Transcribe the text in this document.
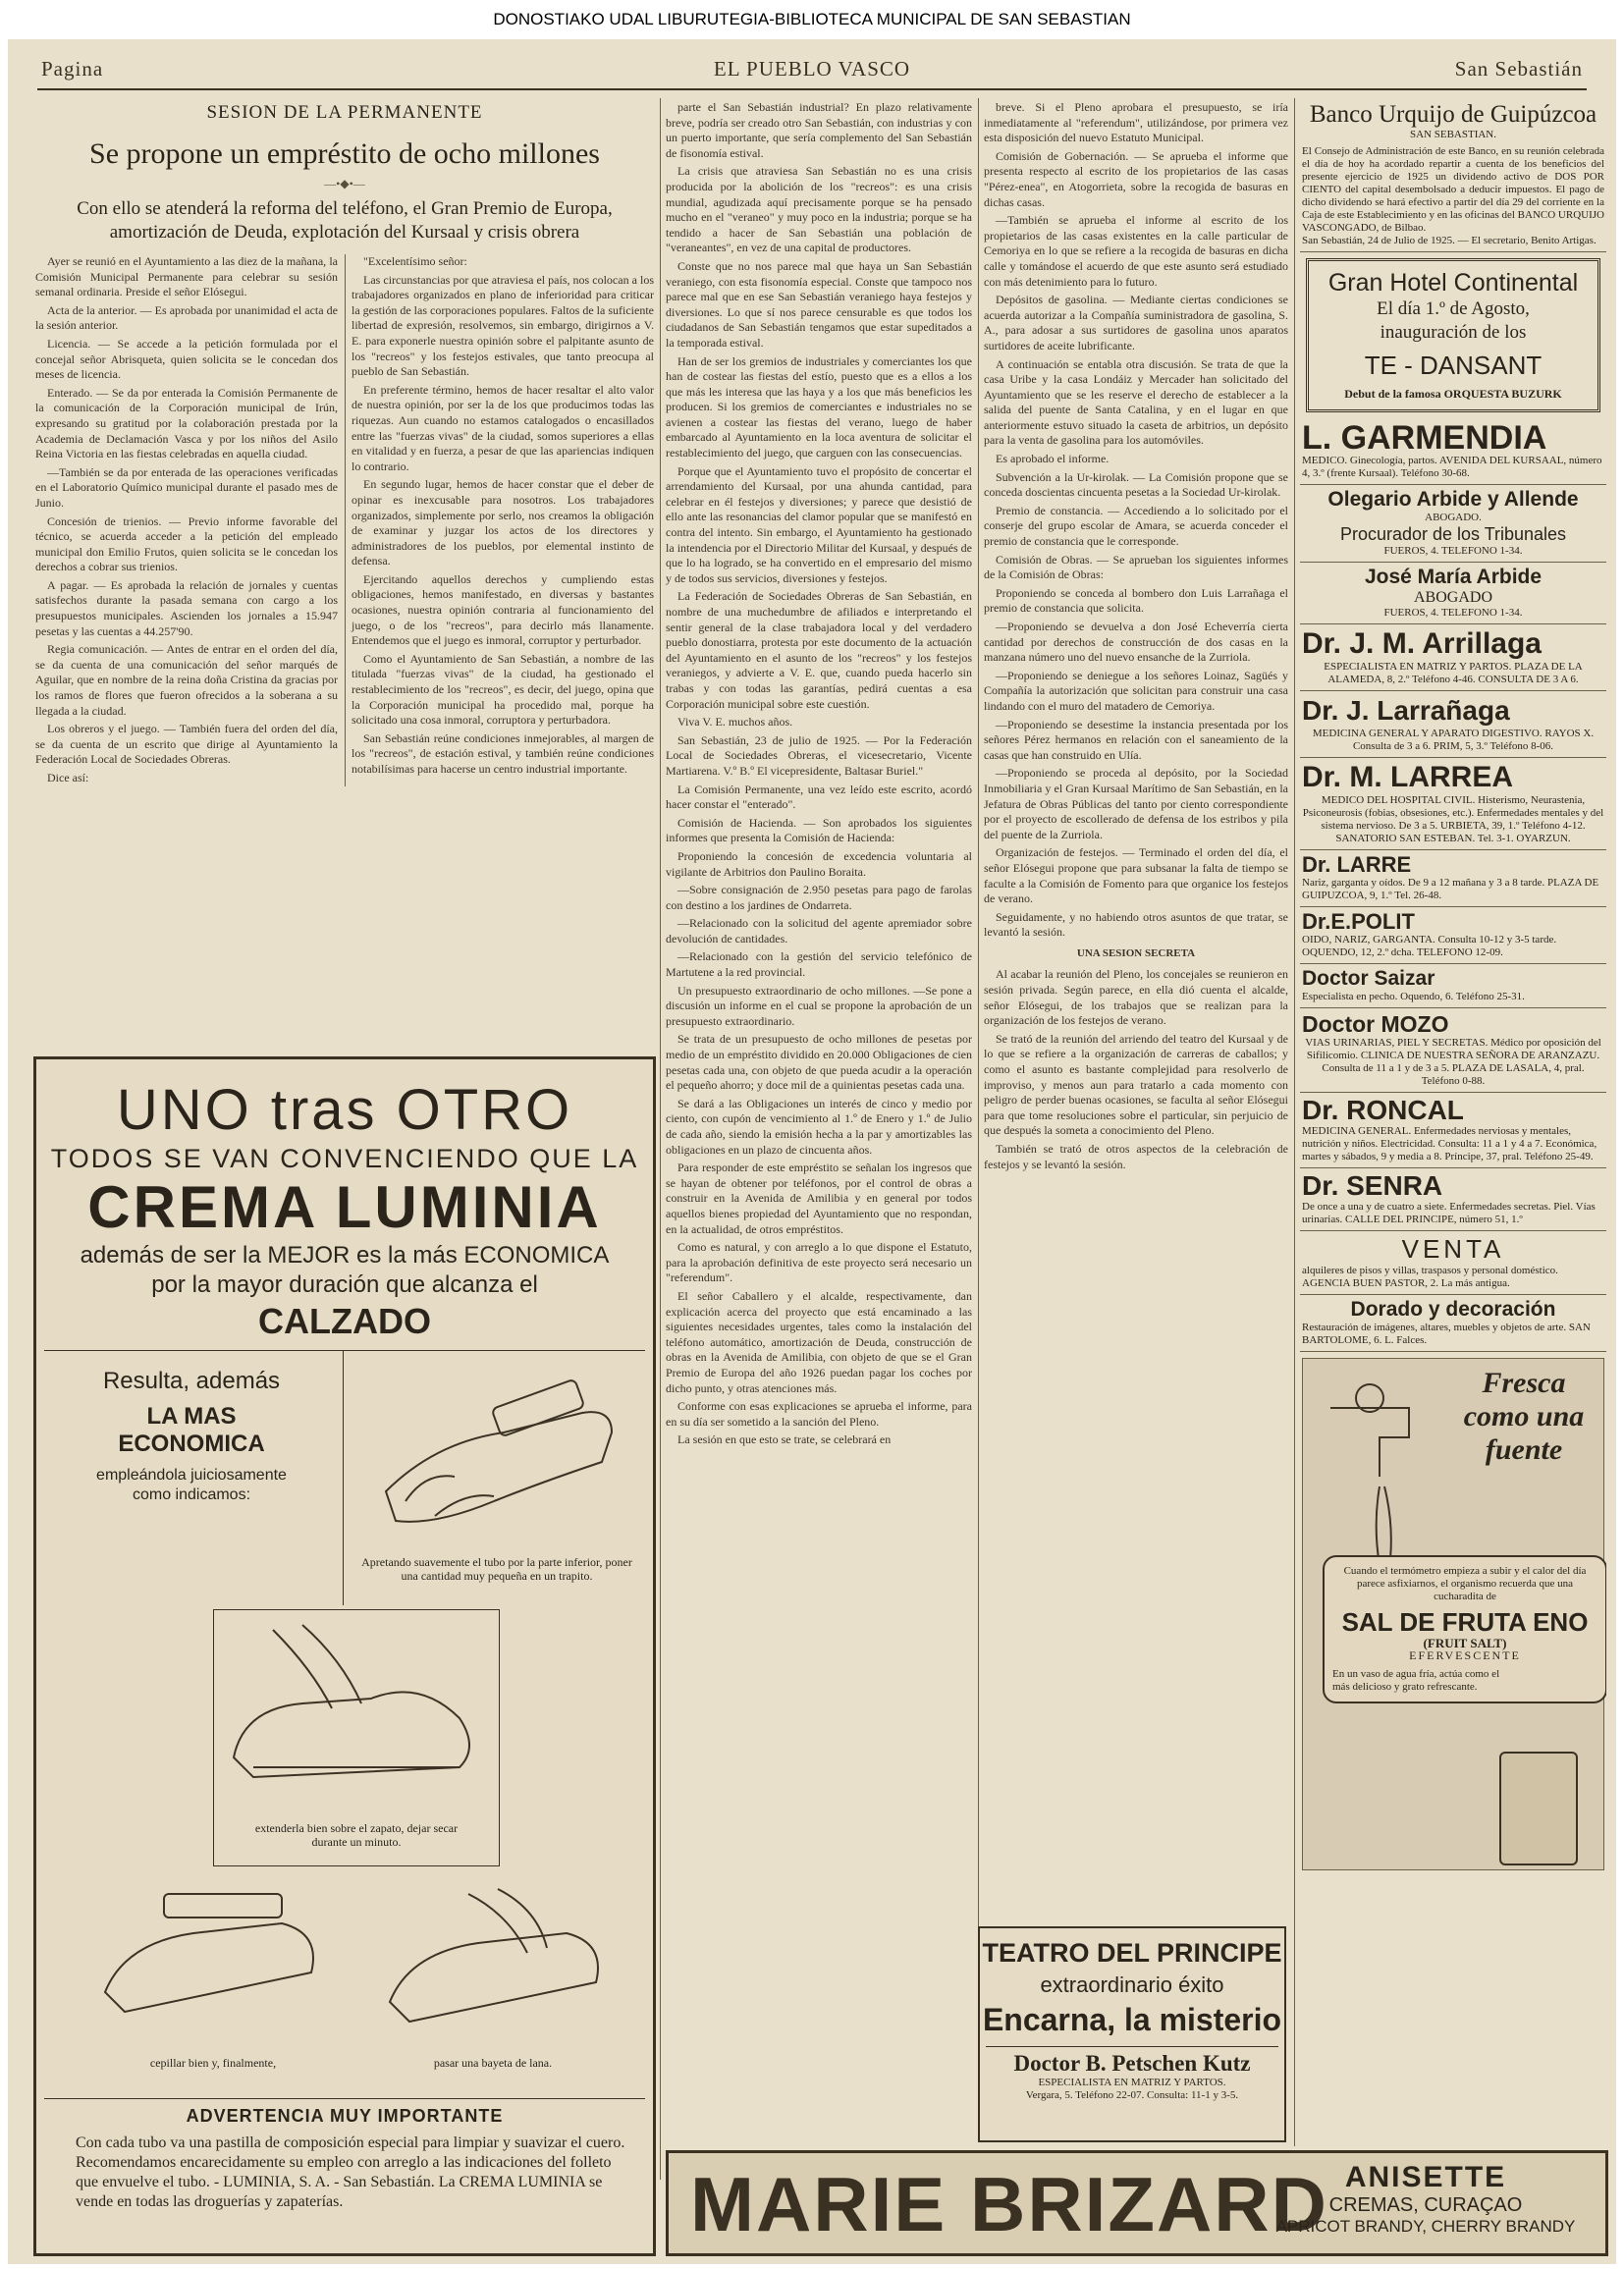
DONOSTIAKO UDAL LIBURUTEGIA-BIBLIOTECA MUNICIPAL DE SAN SEBASTIAN
Pagina	EL PUEBLO VASCO	San Sebastián
SESION DE LA PERMANENTE
Se propone un empréstito de ocho millones
—•◆•—
Con ello se atenderá la reforma del teléfono, el Gran Premio de Europa, amortización de Deuda, explotación del Kursaal y crisis obrera

Ayer se reunió en el Ayuntamiento a las diez de la mañana, la Comisión Municipal Permanente para celebrar su sesión semanal ordinaria. Preside el señor Elósegui.

Acta de la anterior. — Es aprobada por unanimidad el acta de la sesión anterior.

Licencia. — Se accede a la petición formulada por el concejal señor Abrisqueta, quien solicita se le concedan dos meses de licencia.

Enterado. — Se da por enterada la Comisión Permanente de la comunicación de la Corporación municipal de Irún, expresando su gratitud por la colaboración prestada por la Academia de Declamación Vasca y por los niños del Asilo Reina Victoria en las fiestas celebradas en aquella ciudad.

—También se da por enterada de las operaciones verificadas en el Laboratorio Químico municipal durante el pasado mes de Junio.

Concesión de trienios. — Previo informe favorable del técnico, se acuerda acceder a la petición del empleado municipal don Emilio Frutos, quien solicita se le concedan los derechos a cobrar sus trienios.

A pagar. — Es aprobada la relación de jornales y cuentas satisfechos durante la pasada semana con cargo a los presupuestos municipales. Ascienden los jornales a 15.947 pesetas y las cuentas a 44.257'90.

Regia comunicación. — Antes de entrar en el orden del día, se da cuenta de una comunicación del señor marqués de Aguilar, que en nombre de la reina doña Cristina da gracias por los ramos de flores que fueron ofrecidos a la soberana a su llegada a la ciudad.

Los obreros y el juego. — También fuera del orden del día, se da cuenta de un escrito que dirige al Ayuntamiento la Federación Local de Sociedades Obreras.

Dice así:

"Excelentísimo señor:

Las circunstancias por que atraviesa el país, nos colocan a los trabajadores organizados en plano de inferioridad para criticar la gestión de las corporaciones populares. Faltos de la suficiente libertad de expresión, resolvemos, sin embargo, dirigirnos a V. E. para exponerle nuestra opinión sobre el palpitante asunto de los "recreos" y los festejos estivales, que tanto preocupa al pueblo de San Sebastián.

En preferente término, hemos de hacer resaltar el alto valor de nuestra opinión, por ser la de los que producimos todas las riquezas. Aun cuando no estamos catalogados o encasillados entre las "fuerzas vivas" de la ciudad, somos superiores a ellas en vitalidad y en fuerza, a pesar de que las apariencias indiquen lo contrario.

En segundo lugar, hemos de hacer constar que el deber de opinar es inexcusable para nosotros. Los trabajadores organizados, simplemente por serlo, nos creamos la obligación de examinar y juzgar los actos de los directores y administradores de los pueblos, por elemental instinto de defensa.

Ejercitando aquellos derechos y cumpliendo estas obligaciones, hemos manifestado, en diversas y bastantes ocasiones, nuestra opinión contraria al funcionamiento del juego, o de los "recreos", para decirlo más llanamente. Entendemos que el juego es inmoral, corruptor y perturbador.

Como el Ayuntamiento de San Sebastián, a nombre de las titulada "fuerzas vivas" de la ciudad, ha gestionado el restablecimiento de los "recreos", es decir, del juego, opina que la Corporación municipal ha procedido mal, porque ha solicitado una cosa inmoral, corruptora y perturbadora.

San Sebastián reúne condiciones inmejorables, al margen de los "recreos", de estación estival, y también reúne condiciones notabilísimas para hacerse un centro industrial importante.

parte el San Sebastián industrial? En plazo relativamente breve, podría ser creado otro San Sebastián, con industrias y con un puerto importante, que sería complemento del San Sebastián de fisonomía estival.

La crisis que atraviesa San Sebastián no es una crisis producida por la abolición de los "recreos": es una crisis mundial, agudizada aquí precisamente porque se ha pensado mucho en el "veraneo" y muy poco en la industria; porque se ha tendido a hacer de San Sebastián una población de "veraneantes", en vez de una capital de productores.

Conste que no nos parece mal que haya un San Sebastián veraniego, con esta fisonomía especial. Conste que tampoco nos parece mal que en ese San Sebastián veraniego haya festejos y diversiones. Lo que sí nos parece censurable es que todos los ciudadanos de San Sebastián tengamos que estar supeditados a la temporada estival.

Han de ser los gremios de industriales y comerciantes los que han de costear las fiestas del estío, puesto que es a ellos a los que más les interesa que las haya y a los que más beneficios les producen. Si los gremios de comerciantes e industriales no se avienen a costear las fiestas del verano, luego de haber embarcado al Ayuntamiento en la loca aventura de solicitar el restablecimiento del juego, que carguen con las consecuencias.

Porque que el Ayuntamiento tuvo el propósito de concertar el arrendamiento del Kursaal, por una ahunda cantidad, para celebrar en él festejos y diversiones; y parece que desistió de ello ante las resonancias del clamor popular que se manifestó en contra del intento. Sin embargo, el Ayuntamiento ha gestionado la intendencia por el Directorio Militar del Kursaal, y después de que lo ha logrado, se ha convertido en el empresario del mismo y de todos sus servicios, diversiones y festejos.

La Federación de Sociedades Obreras de San Sebastián, en nombre de una muchedumbre de afiliados e interpretando el sentir general de la clase trabajadora local y del verdadero pueblo donostiarra, protesta por este documento de la actuación del Ayuntamiento en el asunto de los "recreos" y los festejos veraniegos, y advierte a V. E. que, cuando pueda hacerlo sin trabas y con todas las garantías, pedirá cuentas a esa Corporación municipal sobre este cuestión.

Viva V. E. muchos años.

San Sebastián, 23 de julio de 1925. — Por la Federación Local de Sociedades Obreras, el vicesecretario, Vicente Martiarena. V.º B.º El vicepresidente, Baltasar Buriel."

La Comisión Permanente, una vez leído este escrito, acordó hacer constar el "enterado".

Comisión de Hacienda. — Son aprobados los siguientes informes que presenta la Comisión de Hacienda:

Proponiendo la concesión de excedencia voluntaria al vigilante de Arbitrios don Paulino Boraita.

—Sobre consignación de 2.950 pesetas para pago de farolas con destino a los jardines de Ondarreta.

—Relacionado con la solicitud del agente apremiador sobre devolución de cantidades.

—Relacionado con la gestión del servicio telefónico de Martutene a la red provincial.

Un presupuesto extraordinario de ocho millones. —Se pone a discusión un informe en el cual se propone la aprobación de un presupuesto extraordinario.

Se trata de un presupuesto de ocho millones de pesetas por medio de un empréstito dividido en 20.000 Obligaciones de cien pesetas cada una, con objeto de que pueda acudir a la operación el pequeño ahorro; y doce mil de a quinientas pesetas cada una.

Se dará a las Obligaciones un interés de cinco y medio por ciento, con cupón de vencimiento al 1.º de Enero y 1.º de Julio de cada año, siendo la emisión hecha a la par y amortizables las obligaciones en un plazo de cincuenta años.

Para responder de este empréstito se señalan los ingresos que se hayan de obtener por teléfonos, por el control de obras a construir en la Avenida de Amilibia y en general por todos aquellos bienes propiedad del Ayuntamiento que no respondan, en la actualidad, de otros empréstitos.

Como es natural, y con arreglo a lo que dispone el Estatuto, para la aprobación definitiva de este proyecto será necesario un "referendum".

El señor Caballero y el alcalde, respectivamente, dan explicación acerca del proyecto que está encaminado a las siguientes necesidades urgentes, tales como la instalación del teléfono automático, amortización de Deuda, construcción de obras en la Avenida de Amilibia, con objeto de que se el Gran Premio de Europa del año 1926 puedan pagar los coches por dicho punto, y otras atenciones más.

Conforme con esas explicaciones se aprueba el informe, para en su día ser sometido a la sanción del Pleno.

La sesión en que esto se trate, se celebrará en

breve. Si el Pleno aprobara el presupuesto, se iría inmediatamente al "referendum", utilizándose, por primera vez esta disposición del nuevo Estatuto Municipal.

Comisión de Gobernación. — Se aprueba el informe que presenta respecto al escrito de los propietarios de las casas "Pérez-enea", en Atogorrieta, sobre la recogida de basuras en dichas casas.

—También se aprueba el informe al escrito de los propietarios de las casas existentes en la calle particular de Cemoriya en lo que se refiere a la recogida de basuras en dicha calle y tomándose el acuerdo de que este asunto será estudiado con más detenimiento para lo futuro.

Depósitos de gasolina. — Mediante ciertas condiciones se acuerda autorizar a la Compañía suministradora de gasolina, S. A., para adosar a sus surtidores de gasolina unos aparatos surtidores de aceite lubrificante.

A continuación se entabla otra discusión. Se trata de que la casa Uribe y la casa Londáiz y Mercader han solicitado del Ayuntamiento que se les reserve el derecho de establecer a la salida del puente de Santa Catalina, y en el lugar en que anteriormente estuvo situado la caseta de arbitrios, un depósito para la venta de gasolina para los automóviles.

Es aprobado el informe.

Subvención a la Ur-kirolak. — La Comisión propone que se conceda doscientas cincuenta pesetas a la Sociedad Ur-kirolak.

Premio de constancia. — Accediendo a lo solicitado por el conserje del grupo escolar de Amara, se acuerda conceder el premio de constancia que le corresponde.

Comisión de Obras. — Se aprueban los siguientes informes de la Comisión de Obras:

Proponiendo se conceda al bombero don Luis Larrañaga el premio de constancia que solicita.

—Proponiendo se devuelva a don José Echeverría cierta cantidad por derechos de construcción de dos casas en la manzana número uno del nuevo ensanche de la Zurriola.

—Proponiendo se deniegue a los señores Loinaz, Sagüés y Compañía la autorización que solicitan para construir una casa lindando con el muro del matadero de Cemoriya.

—Proponiendo se desestime la instancia presentada por los señores Pérez hermanos en relación con el saneamiento de la casas que han construido en Ulía.

—Proponiendo se proceda al depósito, por la Sociedad Inmobiliaria y el Gran Kursaal Marítimo de San Sebastián, en la Jefatura de Obras Públicas del tanto por ciento correspondiente por el proyecto de escollerado de defensa de los estribos y pila del puente de la Zurriola.

Organización de festejos. — Terminado el orden del día, el señor Elósegui propone que para subsanar la falta de tiempo se faculte a la Comisión de Fomento para que organice los festejos de verano.

Seguidamente, y no habiendo otros asuntos de que tratar, se levantó la sesión.

UNA SESION SECRETA

Al acabar la reunión del Pleno, los concejales se reunieron en sesión privada. Según parece, en ella dió cuenta el alcalde, señor Elósegui, de los trabajos que se realizan para la organización de los festejos de verano.

Se trató de la reunión del arriendo del teatro del Kursaal y de lo que se refiere a la organización de carreras de caballos; y como el asunto es bastante complejidad para resolverlo de improviso, y menos aun para tratarlo a cada momento con peligro de perder buenas ocasiones, se faculta al señor Elósegui para que tome resoluciones sobre el particular, sin perjuicio de que después la someta a conocimiento del Pleno.

También se trató de otros aspectos de la celebración de festejos y se levantó la sesión.

TEATRO DEL PRINCIPE
extraordinario éxito
Encarna, la misterio
Doctor B. Petschen Kutz
ESPECIALISTA EN MATRIZ Y PARTOS.
Vergara, 5. Teléfono 22-07. Consulta: 11-1 y 3-5.
UNO tras OTRO
TODOS SE VAN CONVENCIENDO QUE LA
CREMA LUMINIA
además de ser la MEJOR es la más ECONOMICA
por la mayor duración que alcanza el
CALZADO
Resulta, además
LA MAS
ECONOMICA
empleándola juiciosamente como indicamos:
Apretando suavemente el tubo por la parte inferior, poner una cantidad muy pequeña en un trapito.
extenderla bien sobre el zapato, dejar secar durante un minuto.
cepillar bien y, finalmente,	pasar una bayeta de lana.
ADVERTENCIA MUY IMPORTANTE
Con cada tubo va una pastilla de composición especial para limpiar y suavizar el cuero. Recomendamos encarecidamente su empleo con arreglo a las indicaciones del folleto que envuelve el tubo. - LUMINIA, S. A. - San Sebastián. La CREMA LUMINIA se vende en todas las droguerías y zapaterías.	MARIE BRIZARD ANISETTE
CREMAS, CURAÇAO
APRICOT BRANDY, CHERRY BRANDY
Banco Urquijo de Guipúzcoa
SAN SEBASTIAN.
El Consejo de Administración de este Banco, en su reunión celebrada el día de hoy ha acordado repartir a cuenta de los beneficios del presente ejercicio de 1925 un dividendo activo de DOS POR CIENTO del capital desembolsado a deducir impuestos. El pago de dicho dividendo se hará efectivo a partir del día 29 del corriente en la Caja de este Establecimiento y en las oficinas del BANCO URQUIJO VASCONGADO, de Bilbao.
San Sebastián, 24 de Julio de 1925. — El secretario, Benito Artigas.
Gran Hotel Continental
El día 1.º de Agosto, inauguración de los
TE - DANSANT
Debut de la famosa ORQUESTA BUZURK
L. GARMENDIA
MEDICO. Ginecología, partos. AVENIDA DEL KURSAAL, número 4, 3.º (frente Kursaal). Teléfono 30-68.
Olegario Arbide y Allende
ABOGADO.
Procurador de los Tribunales
FUEROS, 4. TELEFONO 1-34.
José María Arbide
ABOGADO
FUEROS, 4. TELEFONO 1-34.
Dr. J. M. Arrillaga
ESPECIALISTA EN MATRIZ Y PARTOS. PLAZA DE LA ALAMEDA, 8, 2.º Teléfono 4-46. CONSULTA DE 3 A 6.
Dr. J. Larrañaga
MEDICINA GENERAL Y APARATO DIGESTIVO. RAYOS X. Consulta de 3 a 6. PRIM, 5, 3.º Teléfono 8-06.
Dr. M. LARREA
MEDICO DEL HOSPITAL CIVIL. Histerismo, Neurastenia, Psiconeurosis (fobias, obsesiones, etc.). Enfermedades mentales y del sistema nervioso. De 3 a 5. URBIETA, 39, 1.º Teléfono 4-12. SANATORIO SAN ESTEBAN. Tel. 3-1. OYARZUN.
Dr. LARRE
Nariz, garganta y oídos. De 9 a 12 mañana y 3 a 8 tarde. PLAZA DE GUIPUZCOA, 9, 1.º Tel. 26-48.
Dr.E.POLIT
OIDO, NARIZ, GARGANTA. Consulta 10-12 y 3-5 tarde. OQUENDO, 12, 2.º dcha. TELEFONO 12-09.
Doctor Saizar
Especialista en pecho. Oquendo, 6. Teléfono 25-31.
Doctor MOZO
VIAS URINARIAS, PIEL Y SECRETAS. Médico por oposición del Sifilicomio. CLINICA DE NUESTRA SEÑORA DE ARANZAZU. Consulta de 11 a 1 y de 3 a 5. PLAZA DE LASALA, 4, pral. Teléfono 0-88.
Dr. RONCAL
MEDICINA GENERAL. Enfermedades nerviosas y mentales, nutrición y niños. Electricidad. Consulta: 11 a 1 y 4 a 7. Económica, martes y sábados, 9 y media a 8. Príncipe, 37, pral. Teléfono 25-49.
Dr. SENRA
De once a una y de cuatro a siete. Enfermedades secretas. Piel. Vías urinarias. CALLE DEL PRINCIPE, número 51, 1.º
VENTA
alquileres de pisos y villas, traspasos y personal doméstico. AGENCIA BUEN PASTOR, 2. La más antigua.
Dorado y decoración
Restauración de imágenes, altares, muebles y objetos de arte. SAN BARTOLOME, 6. L. Falces.
Fresca como una fuente
Cuando el termómetro empieza a subir y el calor del día parece asfixiarnos, el organismo recuerda que una cucharadita de
SAL DE FRUTA ENO
(FRUIT SALT)
EFERVESCENTE
En un vaso de agua fría, actúa como el más delicioso y grato refrescante.
